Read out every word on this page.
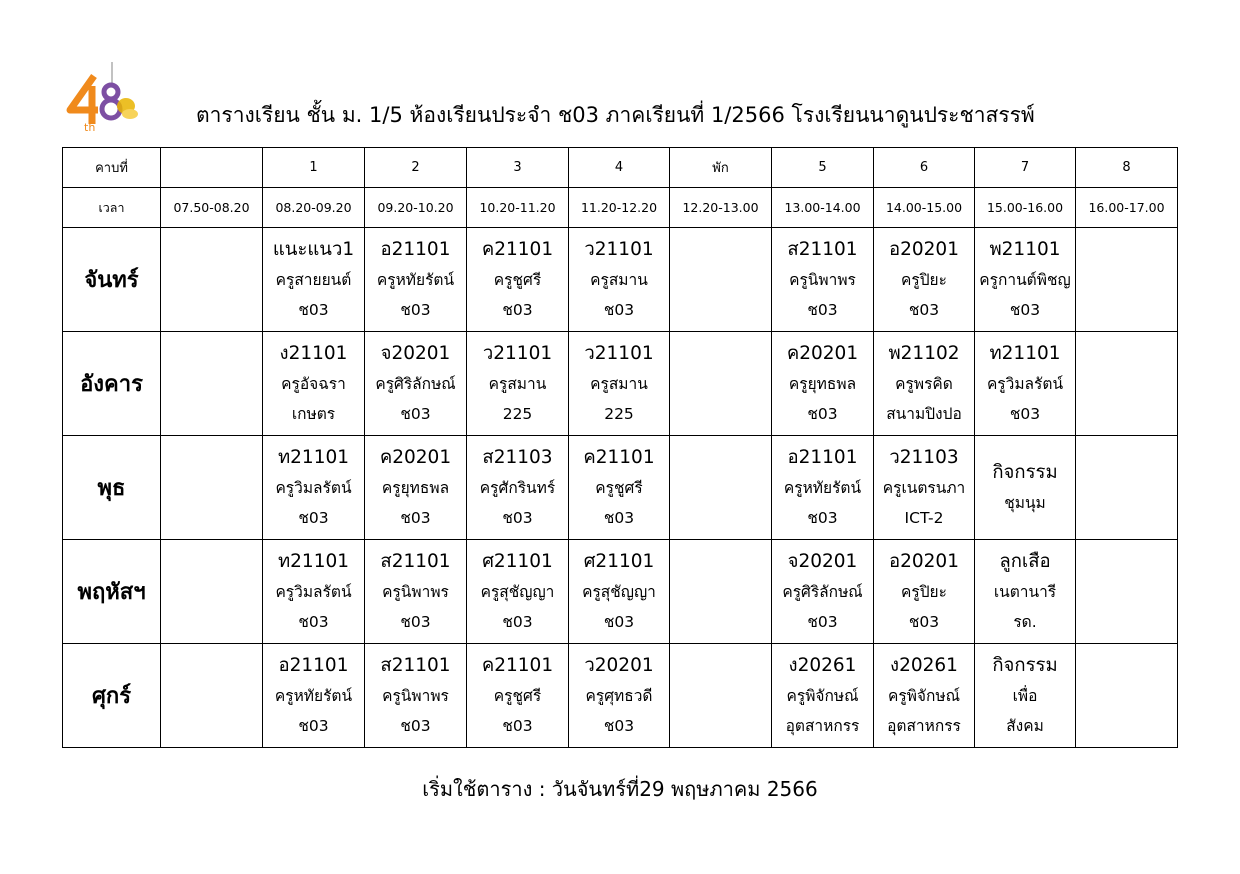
th
ตารางเรียน ชั้น ม. 1/5 ห้องเรียนประจำ ช03 ภาคเรียนที่ 1/2566 โรงเรียนนาดูนประชาสรรพ์
คาบที่		1	2	3	4	พัก	5	6	7	8
เวลา	07.50-08.20	08.20-09.20	09.20-10.20	10.20-11.20	11.20-12.20	12.20-13.00	13.00-14.00	14.00-15.00	15.00-16.00	16.00-17.00
จันทร์		แนะแนว1
ครูสายยนต์
ช03	อ21101
ครูหทัยรัตน์
ช03	ค21101
ครูชูศรี
ช03	ว21101
ครูสมาน
ช03		ส21101
ครูนิพาพร
ช03	อ20201
ครูปิยะ
ช03	พ21101
ครูกานต์พิชญ
ช03	

อังคาร		ง21101
ครูอัจฉรา
เกษตร	จ20201
ครูศิริลักษณ์
ช03	ว21101
ครูสมาน
225	ว21101
ครูสมาน
225		ค20201
ครูยุทธพล
ช03	พ21102
ครูพรคิด
สนามปิงปอ	ท21101
ครูวิมลรัตน์
ช03	

พุธ		ท21101
ครูวิมลรัตน์
ช03	ค20201
ครูยุทธพล
ช03	ส21103
ครูศักรินทร์
ช03	ค21101
ครูชูศรี
ช03		อ21101
ครูหทัยรัตน์
ช03	ว21103
ครูเนตรนภา
ICT-2	กิจกรรม
ชุมนุม	

พฤหัสฯ		ท21101
ครูวิมลรัตน์
ช03	ส21101
ครูนิพาพร
ช03	ศ21101
ครูสุชัญญา
ช03	ศ21101
ครูสุชัญญา
ช03		จ20201
ครูศิริลักษณ์
ช03	อ20201
ครูปิยะ
ช03	ลูกเสือ
เนตานารี
รด.	

ศุกร์		อ21101
ครูหทัยรัตน์
ช03	ส21101
ครูนิพาพร
ช03	ค21101
ครูชูศรี
ช03	ว20201
ครูศุทธวดี
ช03		ง20261
ครูพิจักษณ์
อุตสาหกรร	ง20261
ครูพิจักษณ์
อุตสาหกรร	กิจกรรม
เพื่อ
สังคม	

เริ่มใช้ตาราง : วันจันทร์ที่29 พฤษภาคม 2566
